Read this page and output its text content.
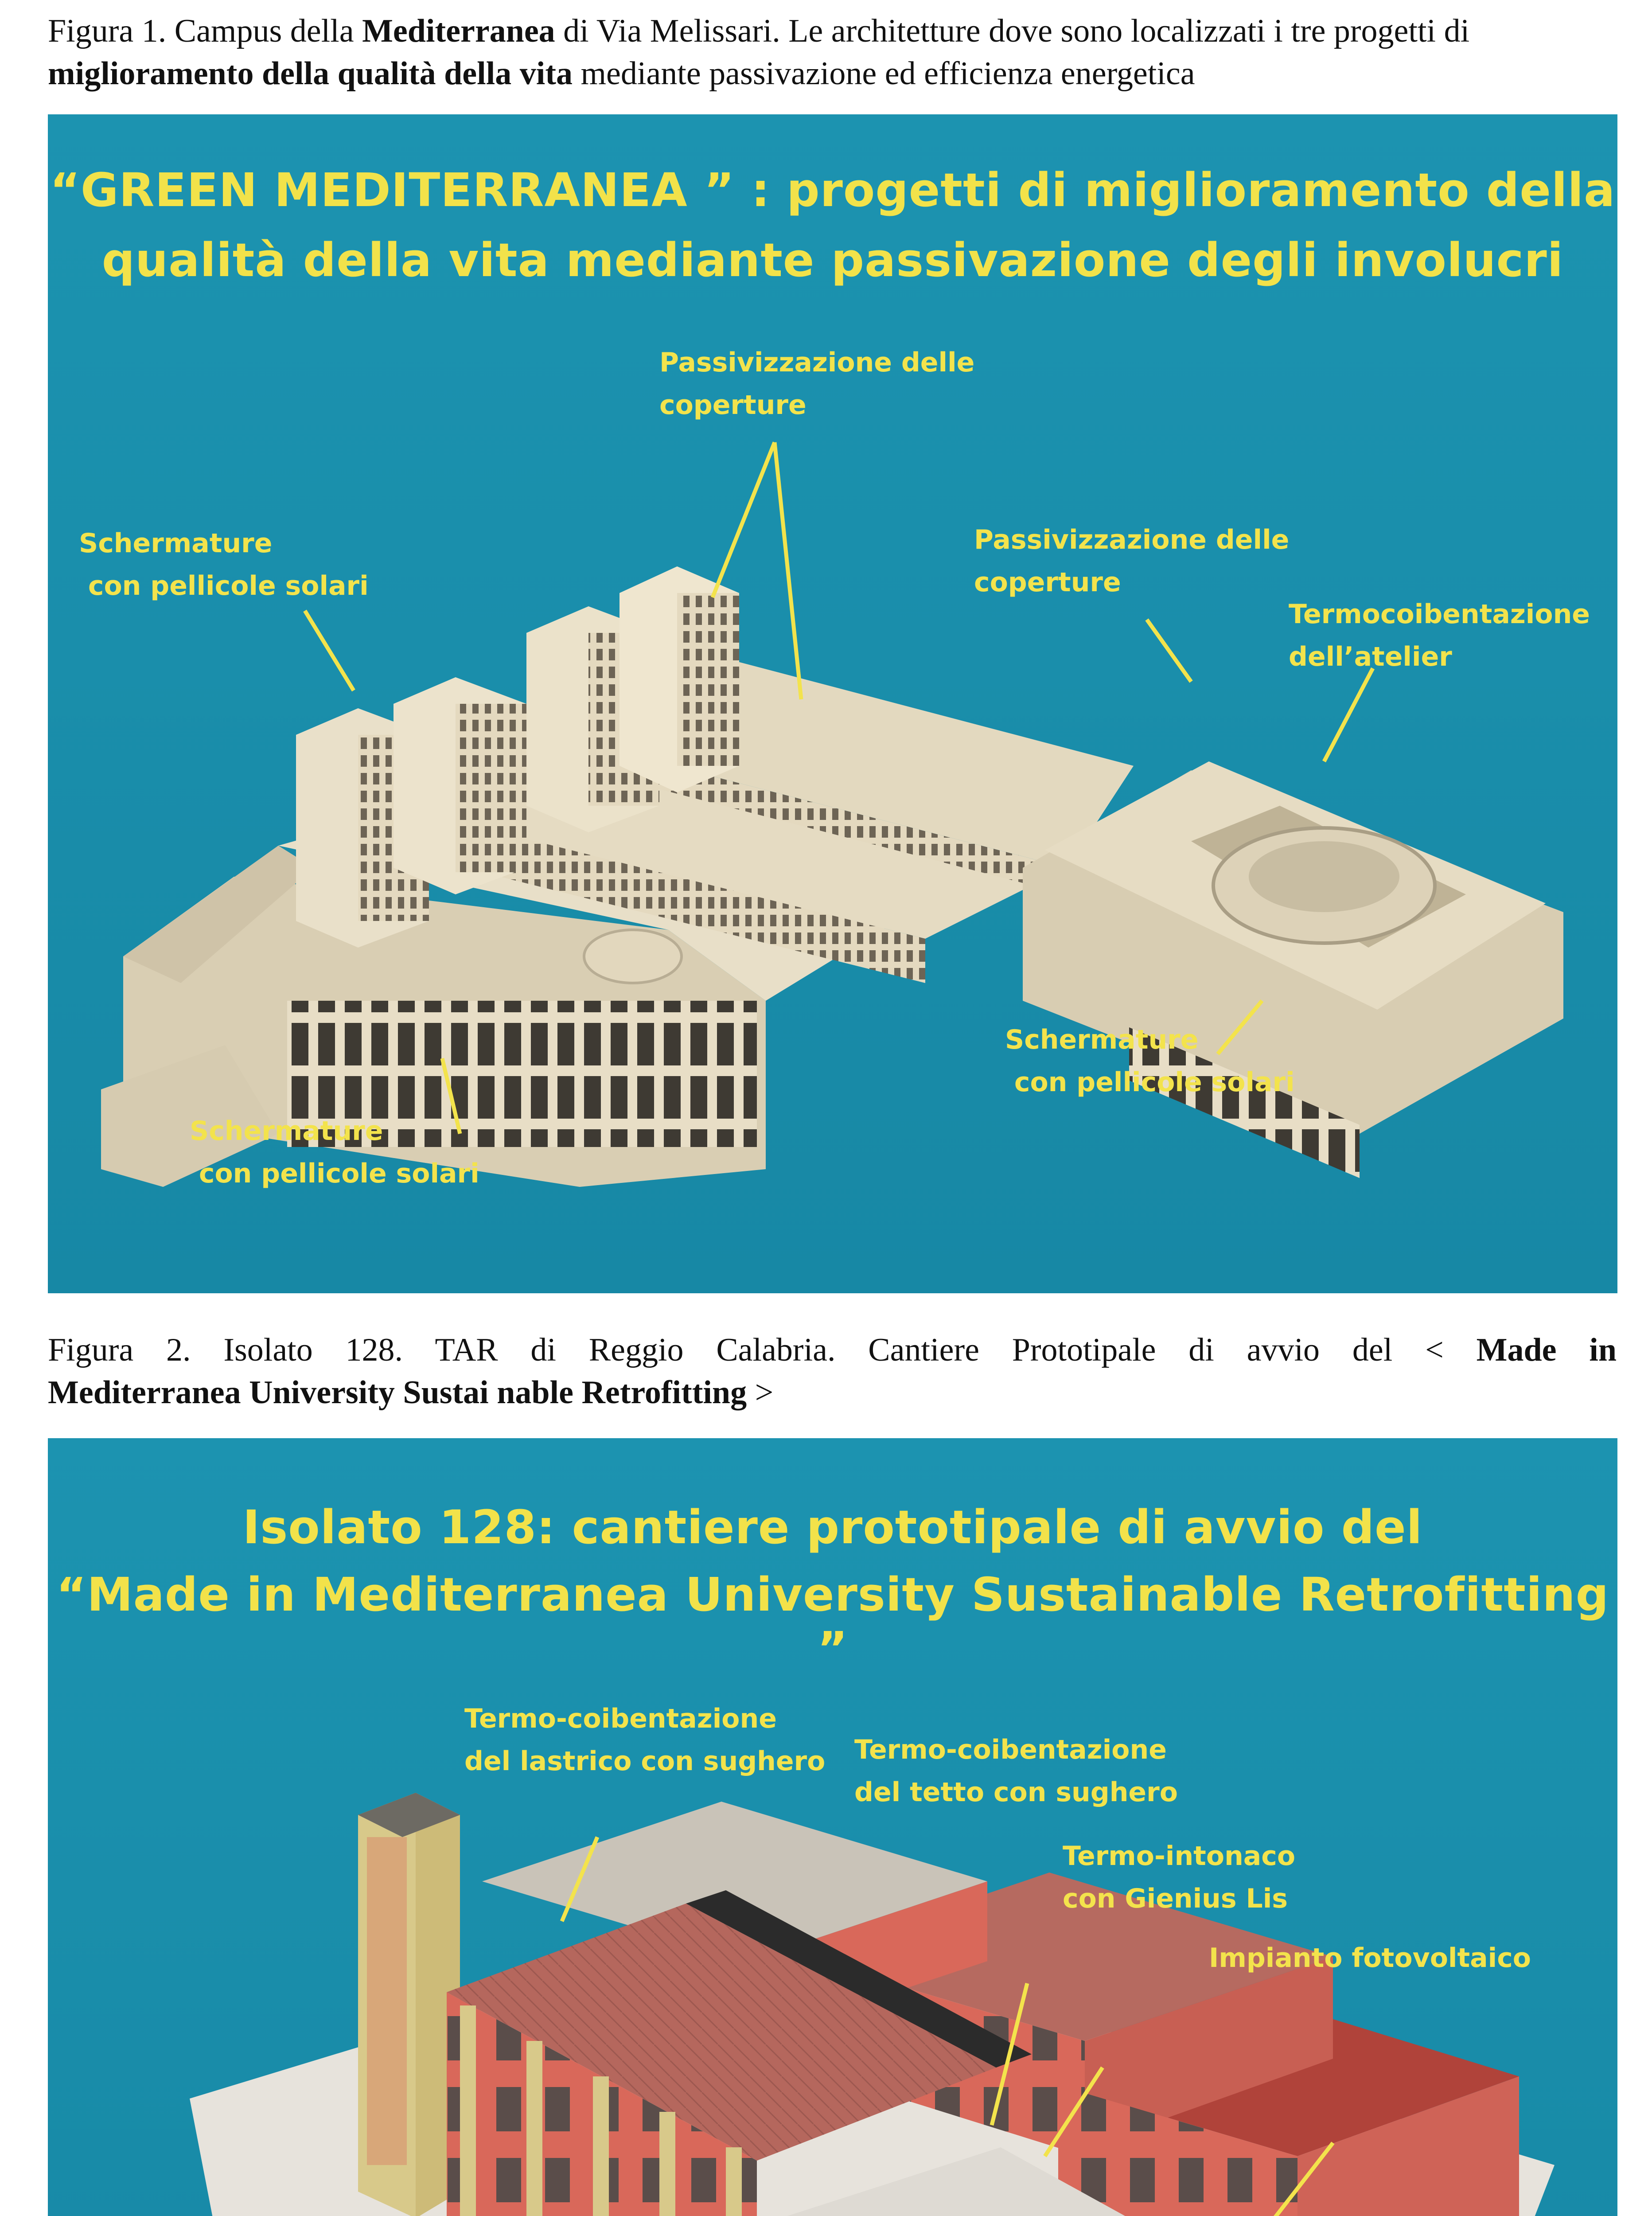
Figura 1. Campus della Mediterranea di Via Melissari. Le architetture dove sono localizzati i tre progetti di miglioramento della qualità della vita mediante passivazione ed efficienza energetica
“GREEN MEDITERRANEA ” : progetti di miglioramento della
qualità della vita mediante passivazione degli involucri
Passivizzazione delle
coperture
Schermature
con pellicole solari
Passivizzazione delle
coperture
Termocoibentazione
dell’atelier
Schermature
con pellicole solari
Schermature
con pellicole solari
Figura 2. Isolato 128. TAR di Reggio Calabria. Cantiere Prototipale di avvio del < Made in
Mediterranea University Sustai nable Retrofitting >
Isolato 128: cantiere prototipale di avvio del
“Made in Mediterranea University Sustainable Retrofitting ”
Termo-coibentazione
del lastrico con sughero Termo-coibentazione
del tetto con sughero
Termo-intonaco
con Gienius Lis
Impianto fotovoltaico
